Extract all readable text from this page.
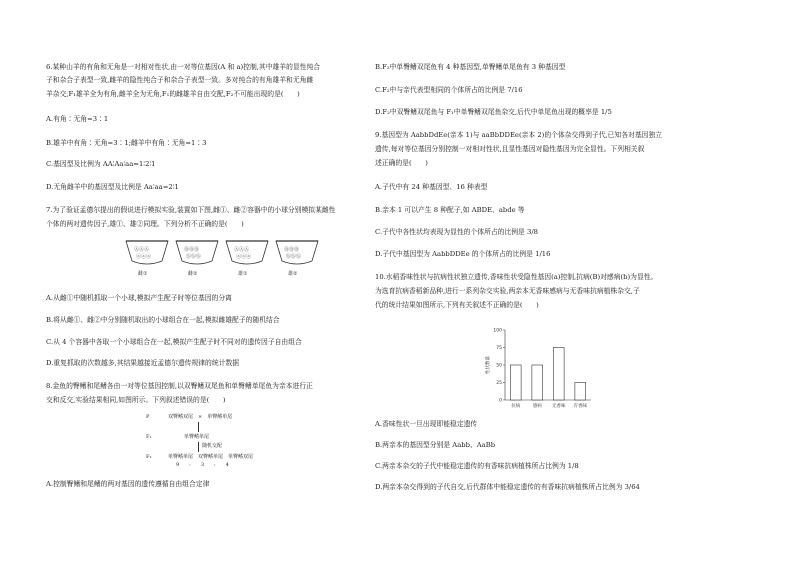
6.某种山羊的有角和无角是一对相对性状,由一对等位基因(A 和 a)控制,其中雄羊的显性纯合
子和杂合子表型一致,雌羊的隐性纯合子和杂合子表型一致。多对纯合的有角雄羊和无角雌
羊杂交,F₁雄羊全为有角,雌羊全为无角,F₁的雌雄羊自由交配,F₂不可能出现的是(　　)
A.有角∶无角=3∶1
B.雄羊中有角∶无角=3∶1;雌羊中有角∶无角=1∶3
C.基因型及比例为 AA∶Aa∶aa=1∶2∶1
D.无角雌羊中的基因型及比例是 Aa∶aa=2∶1
7.为了验证孟德尔提出的假说进行模拟实验,装置如下图,雌①、雌②容器中的小球分别模拟某雌性
个体的两对遗传因子,雄①、雄②同理。下列分析不正确的是(　　)
ⒶⒶⒶ
ⓐⓐⓐ
雌①
ⒷⒷⒷ
ⓑⓑⓑ
雌②
ⒶⒶⒶ
ⓐⓐⓐ
雄①
ⒷⒷⒷ
ⓑⓑⓑ
雄②
A.从雌①中随机抓取一个小球,模拟产生配子时等位基因的分离
B.将从雌①、雌②中分别随机取出的小球组合在一起,模拟雌雄配子的随机结合
C.从 4 个容器中各取一个小球组合在一起,模拟产生配子时不同对的遗传因子自由组合
D.重复抓取的次数越多,其结果越接近孟德尔遗传规律的统计数据
8.金鱼的臀鳍和尾鳍各由一对等位基因控制,以双臀鳍双尾鱼和单臀鳍单尾鱼为亲本进行正
交和反交,实验结果相同,如图所示。下列叙述错误的是(　　)
P	双臀鳍双尾　×　单臀鳍单尾
F₁	单臀鳍单尾
随机交配
F₂	单臀鳍单尾　双臀鳍单尾　单臀鳍双尾
9　　:　　3　　:　　4
A.控制臀鳍和尾鳍的两对基因的遗传遵循自由组合定律
B.F₂中单臀鳍双尾鱼有 4 种基因型,单臀鳍单尾鱼有 3 种基因型
C.F₂中与亲代表型相同的个体所占的比例是 7/16
D.F₂中双臀鳍双尾鱼与 F₁中单臀鳍双尾鱼杂交,后代中单尾鱼出现的概率是 1/5
9.基因型为 AabbDdEe(亲本 1)与 aaBbDDEe(亲本 2)的个体杂交得到子代,已知各对基因独立
遗传,每对等位基因分别控制一对相对性状,且显性基因对隐性基因为完全显性。下列相关叙
述正确的是(　　)
A.子代中有 24 种基因型、16 种表型
B.亲本 1 可以产生 8 种配子,如 ABDE、abde 等
C.子代中各性状均表现为显性的个体所占的比例是 3/8
D.子代中基因型为 AabbDDEe 的个体所占的比例是 1/16
10.水稻香味性状与抗病性状独立遗传,香味性状受隐性基因(a)控制,抗病(B)对感病(b)为显性。
为选育抗病香稻新品种,进行一系列杂交实验,两亲本无香味感病与无香味抗病植株杂交,子
代的统计结果如图所示,下列有关叙述不正确的是(　　)
0
25
50
75
100
抗病	感病 无香味 有香味
性状数量
A.香味性状一旦出现即能稳定遗传
B.两亲本的基因型分别是 Aabb、AaBb
C.两亲本杂交的子代中能稳定遗传的有香味抗病植株所占比例为 1/8
D.两亲本杂交得到的子代自交,后代群体中能稳定遗传的有香味抗病植株所占比例为 3/64
